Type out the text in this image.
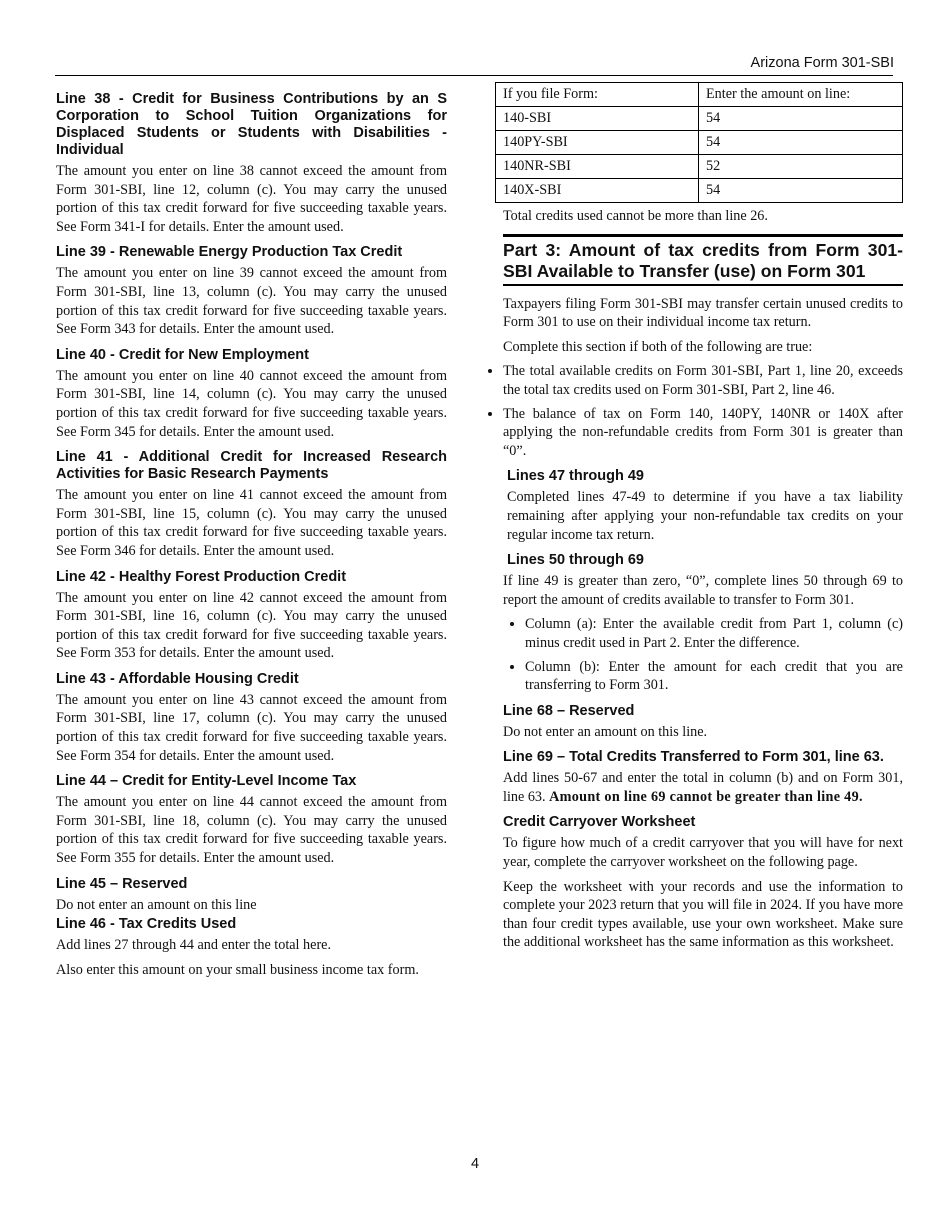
Arizona Form 301-SBI
Line 38 - Credit for Business Contributions by an S Corporation to School Tuition Organizations for Displaced Students or Students with Disabilities - Individual

The amount you enter on line 38 cannot exceed the amount from Form 301-SBI, line 12, column (c). You may carry the unused portion of this tax credit forward for five succeeding taxable years. See Form 341-I for details. Enter the amount used.

Line 39 - Renewable Energy Production Tax Credit

The amount you enter on line 39 cannot exceed the amount from Form 301-SBI, line 13, column (c). You may carry the unused portion of this tax credit forward for five succeeding taxable years. See Form 343 for details. Enter the amount used.

Line 40 - Credit for New Employment

The amount you enter on line 40 cannot exceed the amount from Form 301-SBI, line 14, column (c). You may carry the unused portion of this tax credit forward for five succeeding taxable years. See Form 345 for details. Enter the amount used.

Line 41 - Additional Credit for Increased Research Activities for Basic Research Payments

The amount you enter on line 41 cannot exceed the amount from Form 301-SBI, line 15, column (c). You may carry the unused portion of this tax credit forward for five succeeding taxable years. See Form 346 for details. Enter the amount used.

Line 42 - Healthy Forest Production Credit

The amount you enter on line 42 cannot exceed the amount from Form 301-SBI, line 16, column (c). You may carry the unused portion of this tax credit forward for five succeeding taxable years. See Form 353 for details. Enter the amount used.

Line 43 - Affordable Housing Credit

The amount you enter on line 43 cannot exceed the amount from Form 301-SBI, line 17, column (c). You may carry the unused portion of this tax credit forward for five succeeding taxable years. See Form 354 for details. Enter the amount used.

Line 44 – Credit for Entity-Level Income Tax

The amount you enter on line 44 cannot exceed the amount from Form 301-SBI, line 18, column (c). You may carry the unused portion of this tax credit forward for five succeeding taxable years. See Form 355 for details. Enter the amount used.

Line 45 – Reserved

Do not enter an amount on this line

Line 46 - Tax Credits Used

Add lines 27 through 44 and enter the total here.

Also enter this amount on your small business income tax form.

If you file Form:	Enter the amount on line:
140-SBI	54
140PY-SBI	54
140NR-SBI	52
140X-SBI	54

Total credits used cannot be more than line 26.

Part 3: Amount of tax credits from Form 301-SBI Available to Transfer (use) on Form 301

Taxpayers filing Form 301-SBI may transfer certain unused credits to Form 301 to use on their individual income tax return.

Complete this section if both of the following are true:

• The total available credits on Form 301-SBI, Part 1, line 20, exceeds the total tax credits used on Form 301-SBI, Part 2, line 46.
• The balance of tax on Form 140, 140PY, 140NR or 140X after applying the non-refundable credits from Form 301 is greater than “0”.
Lines 47 through 49

Completed lines 47-49 to determine if you have a tax liability remaining after applying your non-refundable tax credits on your regular income tax return.

Lines 50 through 69

If line 49 is greater than zero, “0”, complete lines 50 through 69 to report the amount of credits available to transfer to Form 301.

• Column (a): Enter the available credit from Part 1, column (c) minus credit used in Part 2. Enter the difference.
• Column (b): Enter the amount for each credit that you are transferring to Form 301.
Line 68 – Reserved

Do not enter an amount on this line.

Line 69 – Total Credits Transferred to Form 301, line 63.

Add lines 50-67 and enter the total in column (b) and on Form 301, line 63. Amount on line 69 cannot be greater than line 49.

Credit Carryover Worksheet

To figure how much of a credit carryover that you will have for next year, complete the carryover worksheet on the following page.

Keep the worksheet with your records and use the information to complete your 2023 return that you will file in 2024. If you have more than four credit types available, use your own worksheet. Make sure the additional worksheet has the same information as this worksheet.

4
